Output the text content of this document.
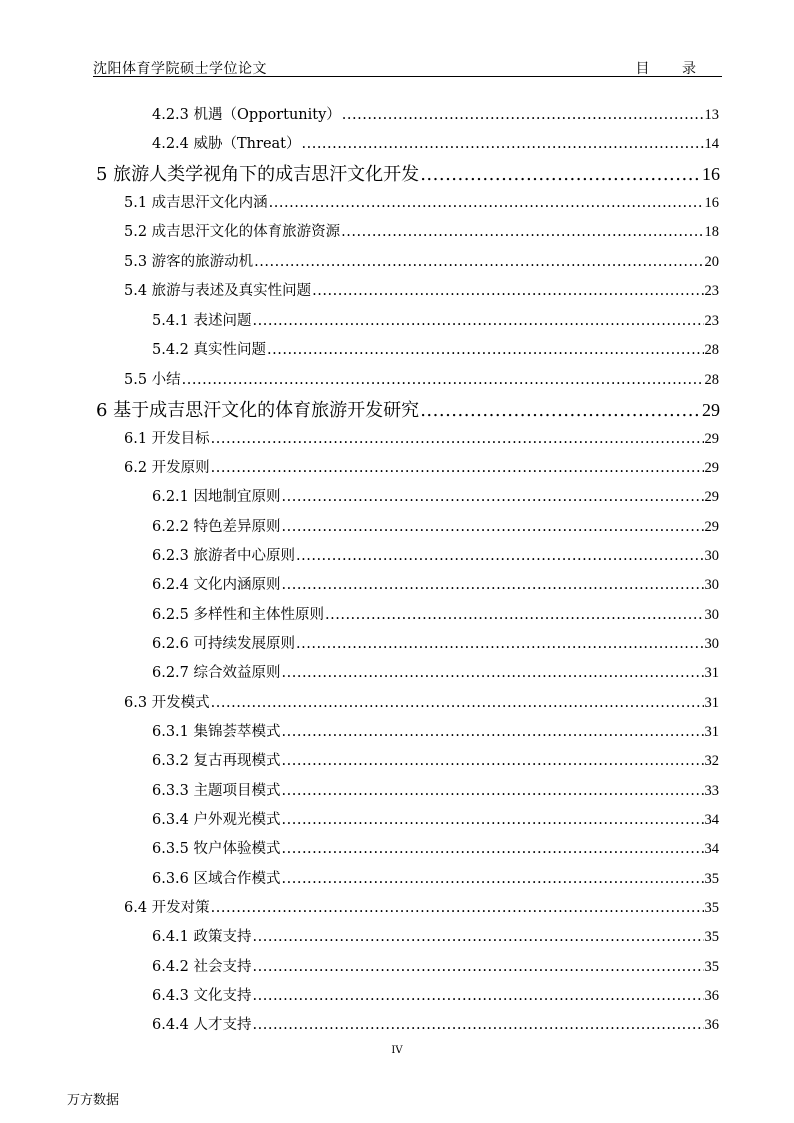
沈阳体育学院硕士学位论文	目 录
4.2.3 机遇（Opportunity） .....	13
4.2.4 威胁（Threat） .....	14
5 旅游人类学视角下的成吉思汗文化开发 .....	16
5.1 成吉思汗文化内涵 .....	16
5.2 成吉思汗文化的体育旅游资源 .....	18
5.3 游客的旅游动机 .....	20
5.4 旅游与表述及真实性问题 .....	23
5.4.1 表述问题 .....	23
5.4.2 真实性问题 .....	28
5.5 小结 .....	28
6 基于成吉思汗文化的体育旅游开发研究 .....	29
6.1 开发目标 .....	29
6.2 开发原则 .....	29
6.2.1 因地制宜原则 .....	29
6.2.2 特色差异原则 .....	29
6.2.3 旅游者中心原则 .....	30
6.2.4 文化内涵原则 .....	30
6.2.5 多样性和主体性原则 .....	30
6.2.6 可持续发展原则 .....	30
6.2.7 综合效益原则 .....	31
6.3 开发模式 .....	31
6.3.1 集锦荟萃模式 .....	31
6.3.2 复古再现模式 .....	32
6.3.3 主题项目模式 .....	33
6.3.4 户外观光模式 .....	34
6.3.5 牧户体验模式 .....	34
6.3.6 区域合作模式 .....	35
6.4 开发对策 .....	35
6.4.1 政策支持 .....	35
6.4.2 社会支持 .....	35
6.4.3 文化支持 .....	36
6.4.4 人才支持 .....	36
IV
万方数据
